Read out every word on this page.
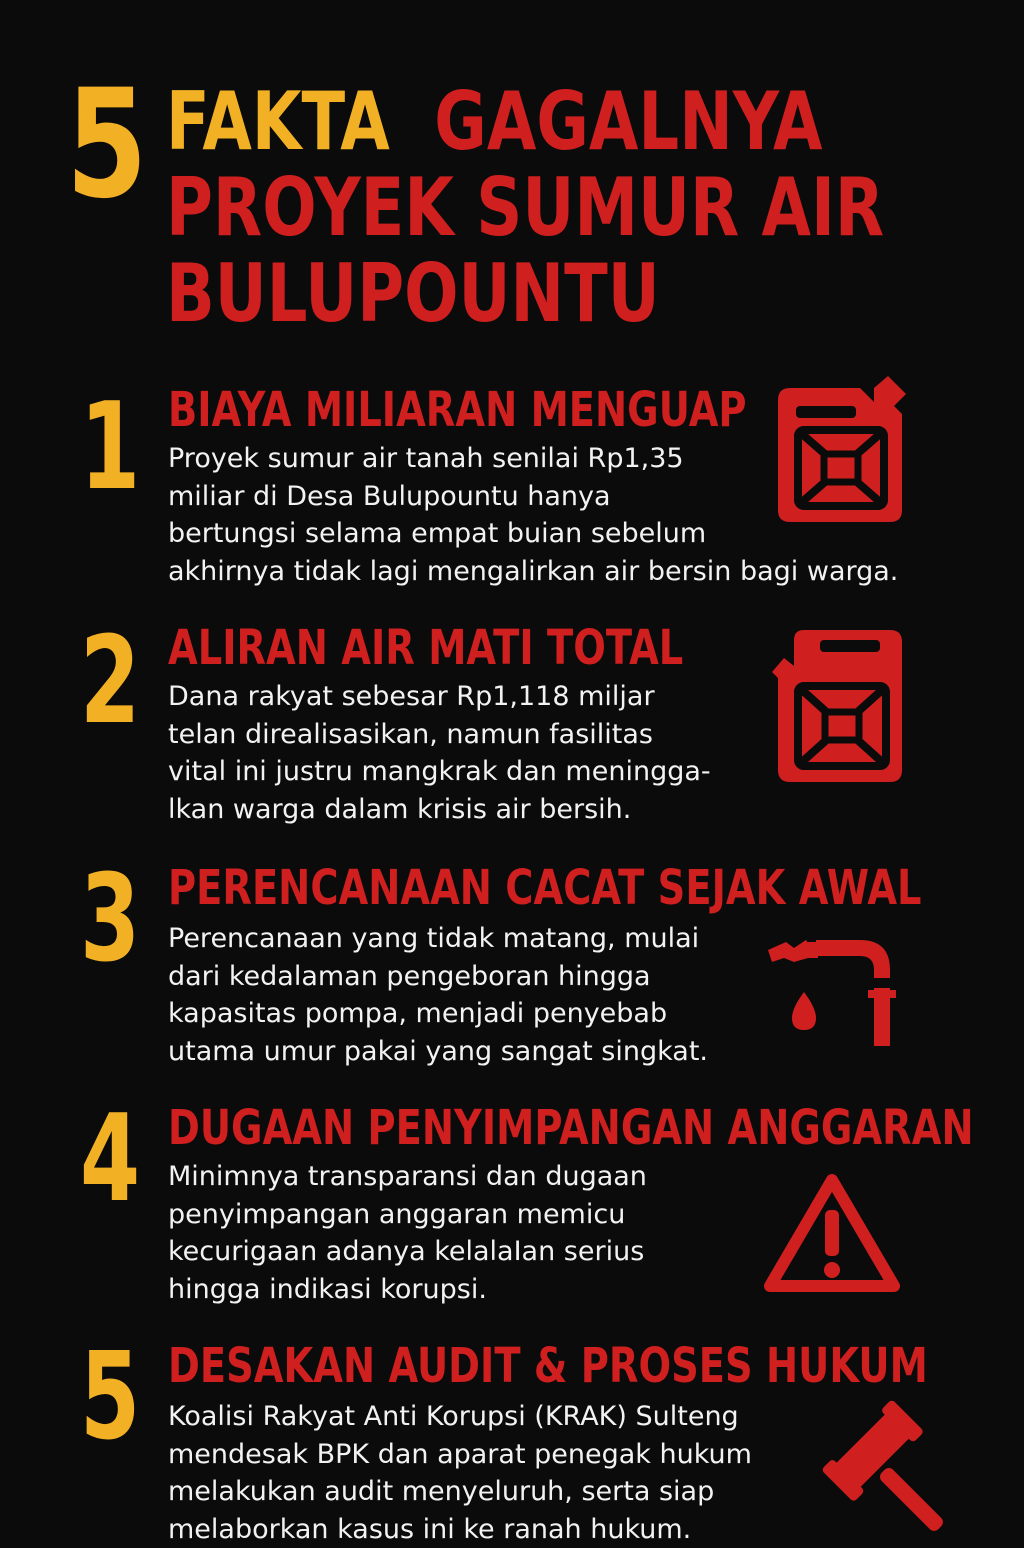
5 FAKTA GAGALNYA
PROYEK SUMUR AIR
BULUPOUNTU
1 BIAYA MILIARAN MENGUAP
Proyek sumur air tanah senilai Rp1,35
miliar di Desa Bulupountu hanya
bertungsi selama empat buian sebelum
akhirnya tidak lagi mengalirkan air bersin bagi warga.
2 ALIRAN AIR MATI TOTAL
Dana rakyat sebesar Rp1,118 miljar
telan direalisasikan, namun fasilitas
vital ini justru mangkrak dan meningga-
lkan warga dalam krisis air bersih.
3 PERENCANAAN CACAT SEJAK AWAL
Perencanaan yang tidak matang, mulai
dari kedalaman pengeboran hingga
kapasitas pompa, menjadi penyebab
utama umur pakai yang sangat singkat.
4 DUGAAN PENYIMPANGAN ANGGARAN
Minimnya transparansi dan dugaan
penyimpangan anggaran memicu
kecurigaan adanya kelalaIan serius
hingga indikasi korupsi.
5 DESAKAN AUDIT & PROSES HUKUM
Koalisi Rakyat Anti Korupsi (KRAK) Sulteng
mendesak BPK dan aparat penegak hukum
melakukan audit menyeluruh, serta siap
melaborkan kasus ini ke ranah hukum.
